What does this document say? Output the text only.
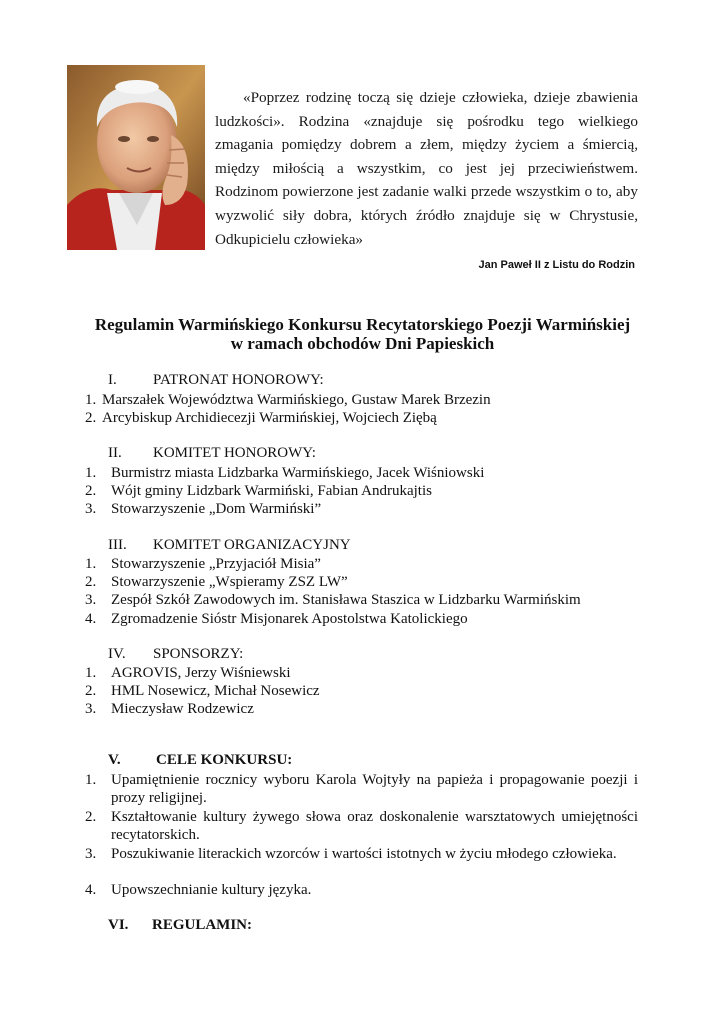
«Poprzez rodzinę toczą się dzieje człowieka, dzieje zbawienia ludzkości». Rodzina «znajduje się pośrodku tego wielkiego zmagania pomiędzy dobrem a złem, między życiem a śmiercią, między miłością a wszystkim, co jest jej przeciwieństwem. Rodzinom powierzone jest zadanie walki przede wszystkim o to, aby wyzwolić siły dobra, których źródło znajduje się w Chrystusie, Odkupicielu człowieka»
Jan Paweł II z Listu do Rodzin
Regulamin Warmińskiego Konkursu Recytatorskiego Poezji Warmińskiej
w ramach obchodów Dni Papieskich
I. PATRONAT HONOROWY:
1. Marszałek Województwa Warmińskiego, Gustaw Marek Brzezin
2. Arcybiskup Archidiecezji Warmińskiej, Wojciech Ziębą
II. KOMITET HONOROWY:
1. Burmistrz miasta Lidzbarka Warmińskiego, Jacek Wiśniowski
2. Wójt gminy Lidzbark Warmiński, Fabian Andrukajtis
3. Stowarzyszenie „Dom Warmiński”
III. KOMITET ORGANIZACYJNY
1. Stowarzyszenie „Przyjaciół Misia”
2. Stowarzyszenie „Wspieramy ZSZ LW”
3. Zespół Szkół Zawodowych im. Stanisława Staszica w Lidzbarku Warmińskim
4. Zgromadzenie Sióstr Misjonarek Apostolstwa Katolickiego
IV. SPONSORZY:
1. AGROVIS, Jerzy Wiśniewski
2. HML Nosewicz, Michał Nosewicz
3. Mieczysław Rodzewicz
V. CELE KONKURSU:
1. Upamiętnienie rocznicy wyboru Karola Wojtyły na papieża i propagowanie poezji i prozy religijnej.
2. Kształtowanie kultury żywego słowa oraz doskonalenie warsztatowych umiejętności recytatorskich.
3. Poszukiwanie literackich wzorców i wartości istotnych w życiu młodego człowieka.
4. Upowszechnianie kultury języka.
VI. REGULAMIN:
